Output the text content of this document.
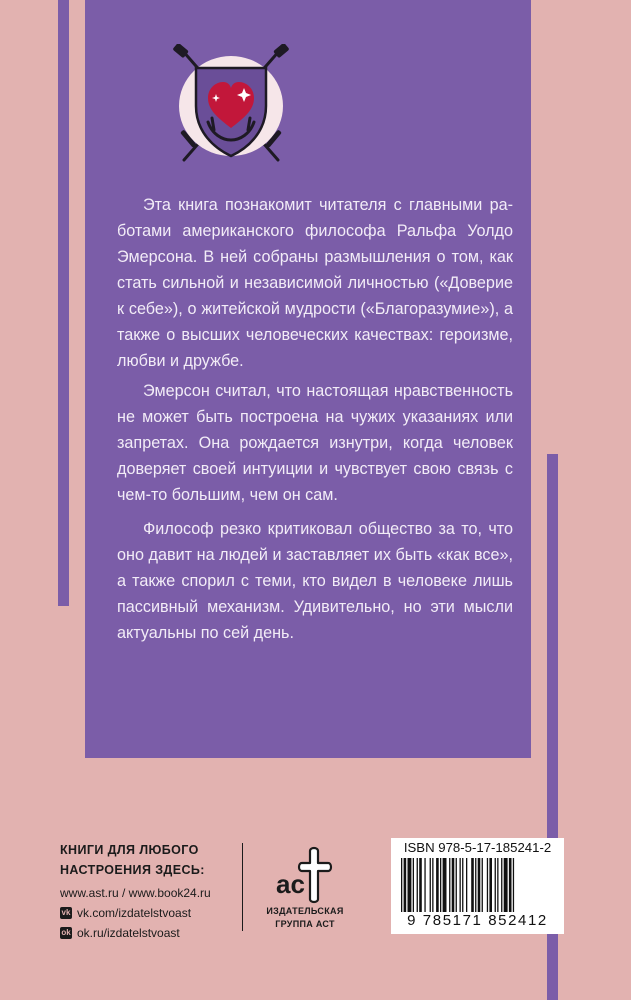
Эта книга познакомит читателя с главными работами американского философа Ральфа Уолдо Эмерсона. В ней собраны размышления о том, как стать сильной и независимой личностью («Доверие к себе»), о житейской мудрости («Благоразумие»), а также о высших человеческих качествах: героизме, любви и дружбе.

Эмерсон считал, что настоящая нравственность не может быть построена на чужих указаниях или запретах. Она рождается изнутри, когда человек доверяет своей интуиции и чувствует свою связь с чем-то большим, чем он сам.

Философ резко критиковал общество за то, что оно давит на людей и заставляет их быть «как все», а также спорил с теми, кто видел в человеке лишь пассивный механизм. Удивительно, но эти мысли актуальны по сей день.

КНИГИ ДЛЯ ЛЮБОГО
НАСТРОЕНИЯ ЗДЕСЬ:

www.ast.ru / www.book24.ru
vk vk.com/izdatelstvoast
ok ok.ru/izdatelstvoast
ac
ИЗДАТЕЛЬСКАЯ
ГРУППА АСТ
ISBN 978-5-17-185241-2
9 785171 852412
